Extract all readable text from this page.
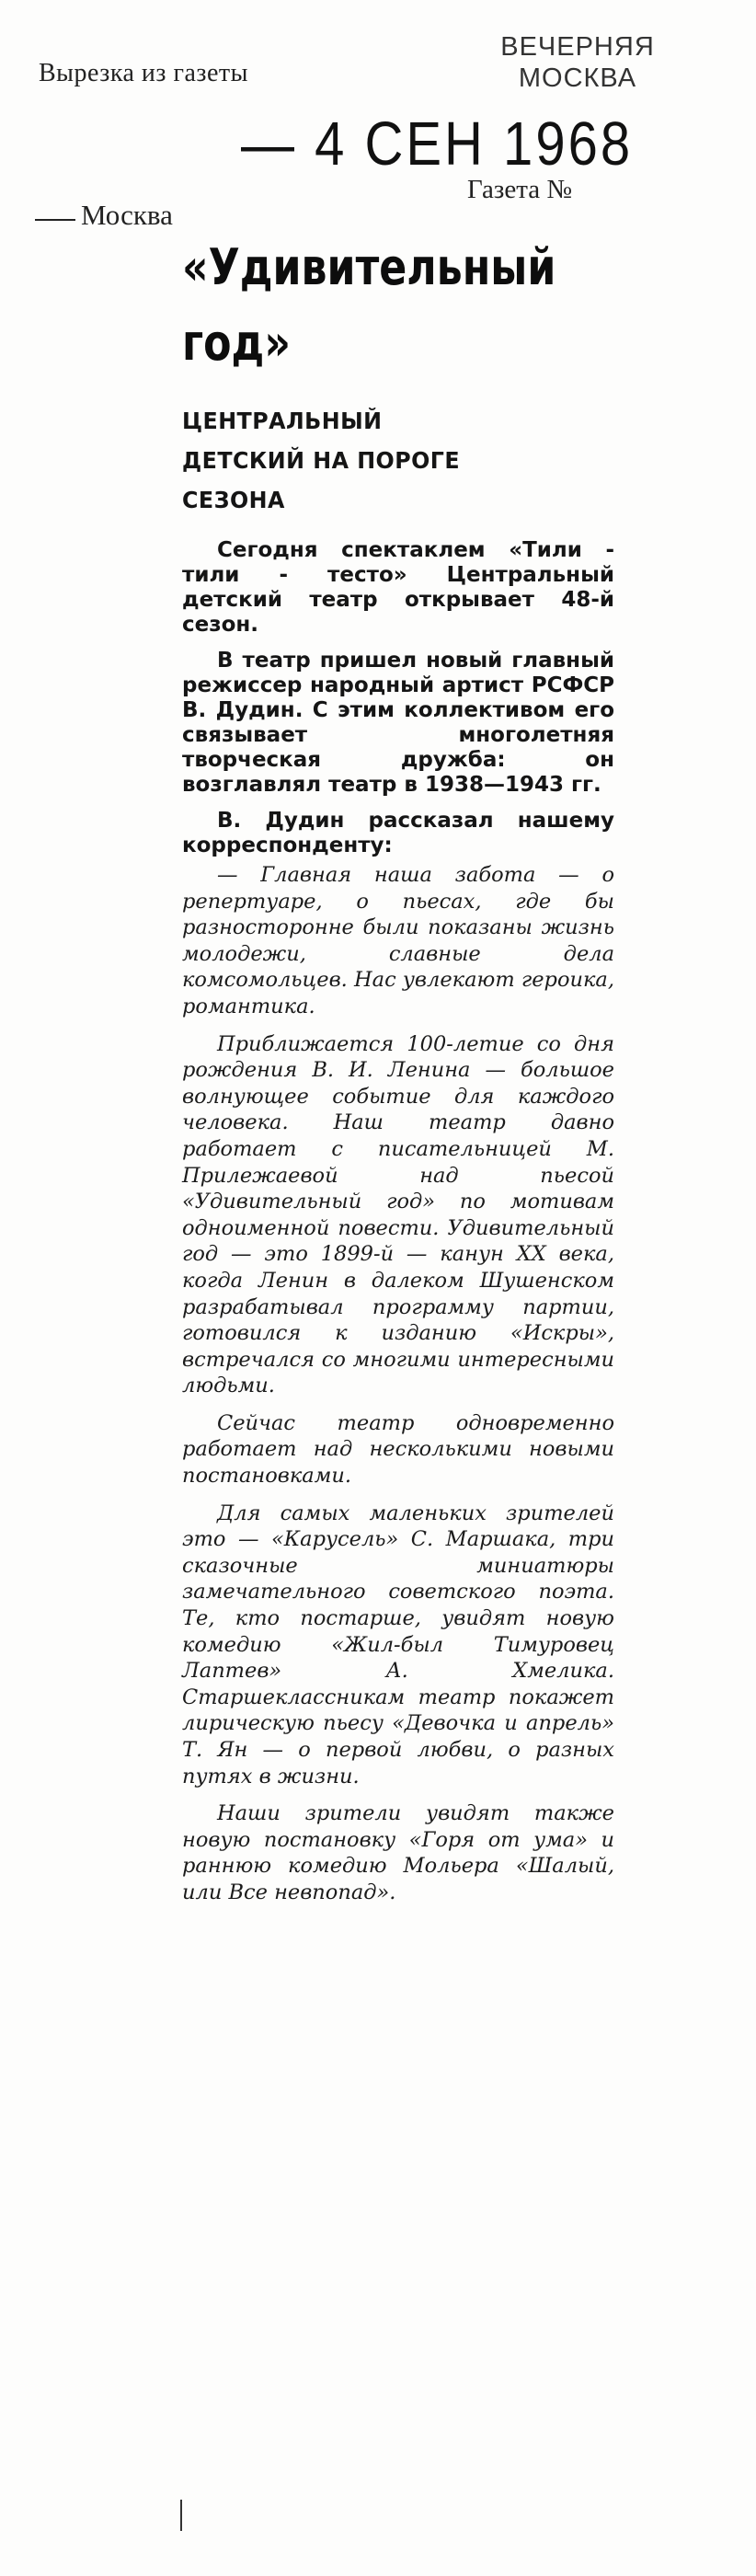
Вырезка из газеты
ВЕЧЕРНЯЯ
МОСКВА
— 4 СЕН 1968
Москва
Газета №
«Удивительный
год»
ЦЕНТРАЛЬНЫЙ
ДЕТСКИЙ НА ПОРОГЕ
СЕЗОНА

Сегодня спектаклем «Тили - тили - тесто» Центральный детский театр открывает 48-й сезон.

В театр пришел новый главный режиссер народный артист РСФСР В. Дудин. С этим коллективом его связывает многолетняя творческая дружба: он возглавлял театр в 1938—1943 гг.

В. Дудин рассказал нашему корреспонденту:

— Главная наша забота — о репертуаре, о пьесах, где бы разносторонне были показаны жизнь молодежи, славные дела комсомольцев. Нас увлекают героика, романтика.

Приближается 100-летие со дня рождения В. И. Ленина — большое волнующее событие для каждого человека. Наш театр давно работает с писательницей М. Прилежаевой над пьесой «Удивительный год» по мотивам одноименной повести. Удивительный год — это 1899-й — канун XX века, когда Ленин в далеком Шушенском разрабатывал программу партии, готовился к изданию «Искры», встречался со многими интересными людьми.

Сейчас театр одновременно работает над несколькими новыми постановками.

Для самых маленьких зрителей это — «Карусель» С. Маршака, три сказочные миниатюры замечательного советского поэта. Те, кто постарше, увидят новую комедию «Жил-был Тимуровец Лаптев» А. Хмелика. Старшеклассникам театр покажет лирическую пьесу «Девочка и апрель» Т. Ян — о первой любви, о разных путях в жизни.

Наши зрители увидят также новую постановку «Горя от ума» и раннюю комедию Мольера «Шалый, или Все невпопад».
